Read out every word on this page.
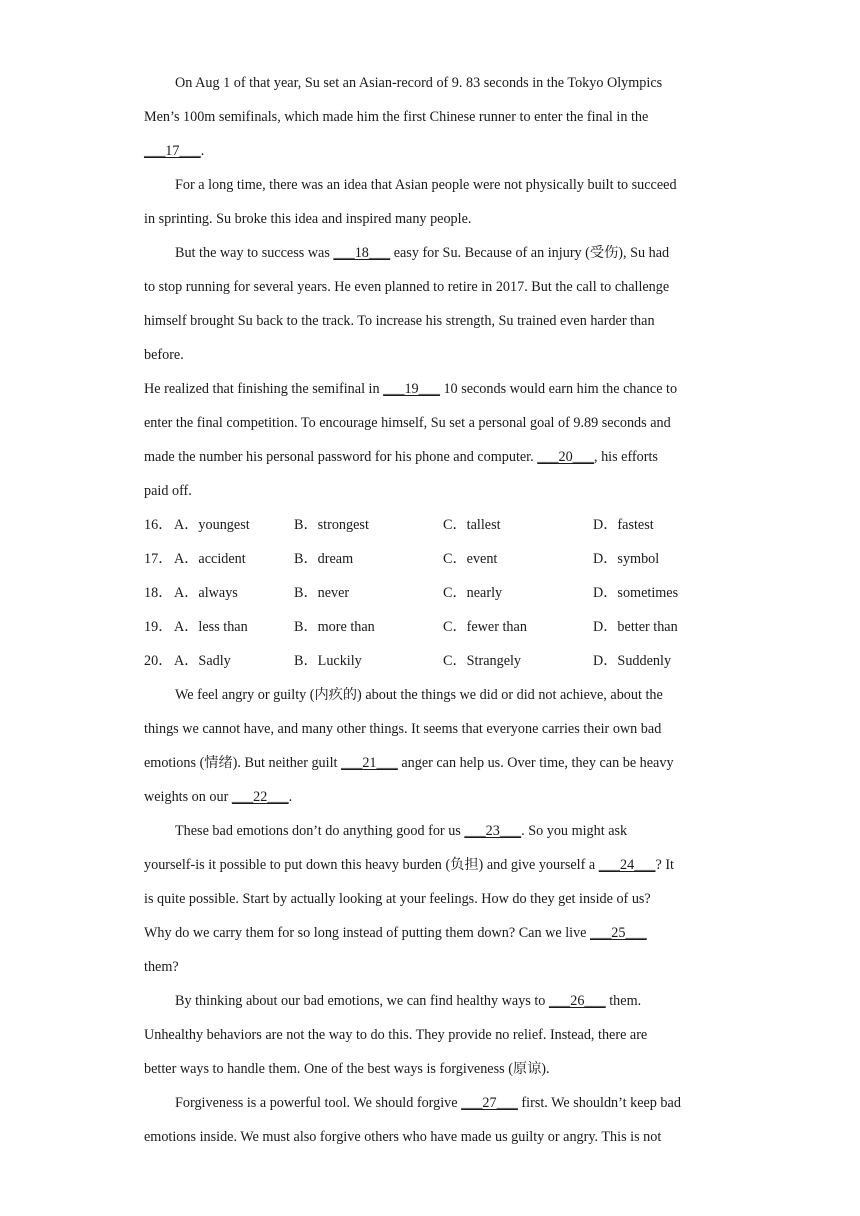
On Aug 1 of that year, Su set an Asian-record of 9. 83 seconds in the Tokyo Olympics
Men’s 100m semifinals, which made him the first Chinese runner to enter the final in the
___17___.
For a long time, there was an idea that Asian people were not physically built to succeed
in sprinting. Su broke this idea and inspired many people.
But the way to success was ___18___ easy for Su. Because of an injury (受伤), Su had
to stop running for several years. He even planned to retire in 2017. But the call to challenge
himself brought Su back to the track. To increase his strength, Su trained even harder than
before.
He realized that finishing the semifinal in ___19___ 10 seconds would earn him the chance to
enter the final competition. To encourage himself, Su set a personal goal of 9.89 seconds and
made the number his personal password for his phone and computer. ___20___, his efforts
paid off.
16． A．youngest	B．strongest	C．tallest	D．fastest
17． A．accident	B．dream	C．event	D．symbol
18． A．always	B．never	C．nearly	D．sometimes
19． A．less than	B．more than	C．fewer than	D．better than
20． A．Sadly	B．Luckily	C．Strangely	D．Suddenly
We feel angry or guilty (内疚的) about the things we did or did not achieve, about the
things we cannot have, and many other things. It seems that everyone carries their own bad
emotions (情绪). But neither guilt ___21___ anger can help us. Over time, they can be heavy
weights on our ___22___.
These bad emotions don’t do anything good for us ___23___. So you might ask
yourself-is it possible to put down this heavy burden (负担) and give yourself a ___24___? It
is quite possible. Start by actually looking at your feelings. How do they get inside of us?
Why do we carry them for so long instead of putting them down? Can we live ___25___
them?
By thinking about our bad emotions, we can find healthy ways to ___26___ them.
Unhealthy behaviors are not the way to do this. They provide no relief. Instead, there are
better ways to handle them. One of the best ways is forgiveness (原谅).
Forgiveness is a powerful tool. We should forgive ___27___ first. We shouldn’t keep bad
emotions inside. We must also forgive others who have made us guilty or angry. This is not
